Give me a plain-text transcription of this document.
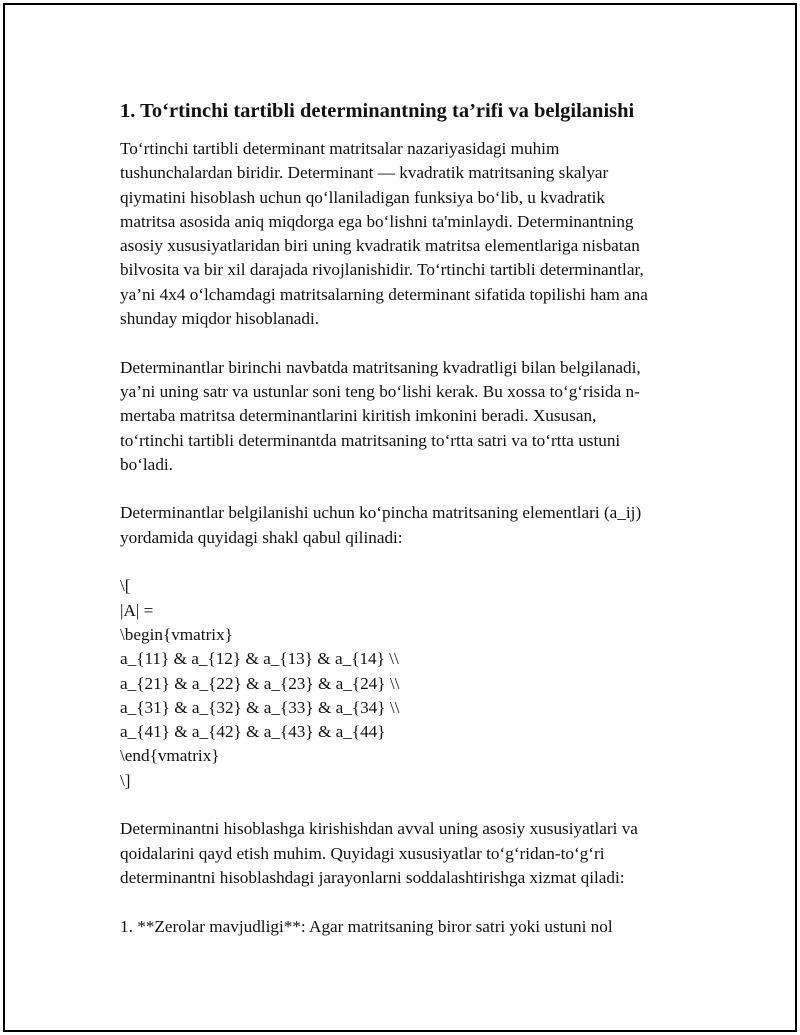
1. To‘rtinchi tartibli determinantning ta’rifi va belgilanishi
To‘rtinchi tartibli determinant matritsalar nazariyasidagi muhim
tushunchalardan biridir. Determinant — kvadratik matritsaning skalyar
qiymatini hisoblash uchun qo‘llaniladigan funksiya bo‘lib, u kvadratik
matritsa asosida aniq miqdorga ega bo‘lishni ta'minlaydi. Determinantning
asosiy xususiyatlaridan biri uning kvadratik matritsa elementlariga nisbatan
bilvosita va bir xil darajada rivojlanishidir. To‘rtinchi tartibli determinantlar,
ya’ni 4x4 o‘lchamdagi matritsalarning determinant sifatida topilishi ham ana
shunday miqdor hisoblanadi.
Determinantlar birinchi navbatda matritsaning kvadratligi bilan belgilanadi,
ya’ni uning satr va ustunlar soni teng bo‘lishi kerak. Bu xossa to‘g‘risida n-
mertaba matritsa determinantlarini kiritish imkonini beradi. Xususan,
to‘rtinchi tartibli determinantda matritsaning to‘rtta satri va to‘rtta ustuni
bo‘ladi.
Determinantlar belgilanishi uchun ko‘pincha matritsaning elementlari (a_ij)
yordamida quyidagi shakl qabul qilinadi:
\[
|A| =
\begin{vmatrix}
a_{11} & a_{12} & a_{13} & a_{14} \\
a_{21} & a_{22} & a_{23} & a_{24} \\
a_{31} & a_{32} & a_{33} & a_{34} \\
a_{41} & a_{42} & a_{43} & a_{44}
\end{vmatrix}
\]
Determinantni hisoblashga kirishishdan avval uning asosiy xususiyatlari va
qoidalarini qayd etish muhim. Quyidagi xususiyatlar to‘g‘ridan-to‘g‘ri
determinantni hisoblashdagi jarayonlarni soddalashtirishga xizmat qiladi:
1. **Zerolar mavjudligi**: Agar matritsaning biror satri yoki ustuni nol
